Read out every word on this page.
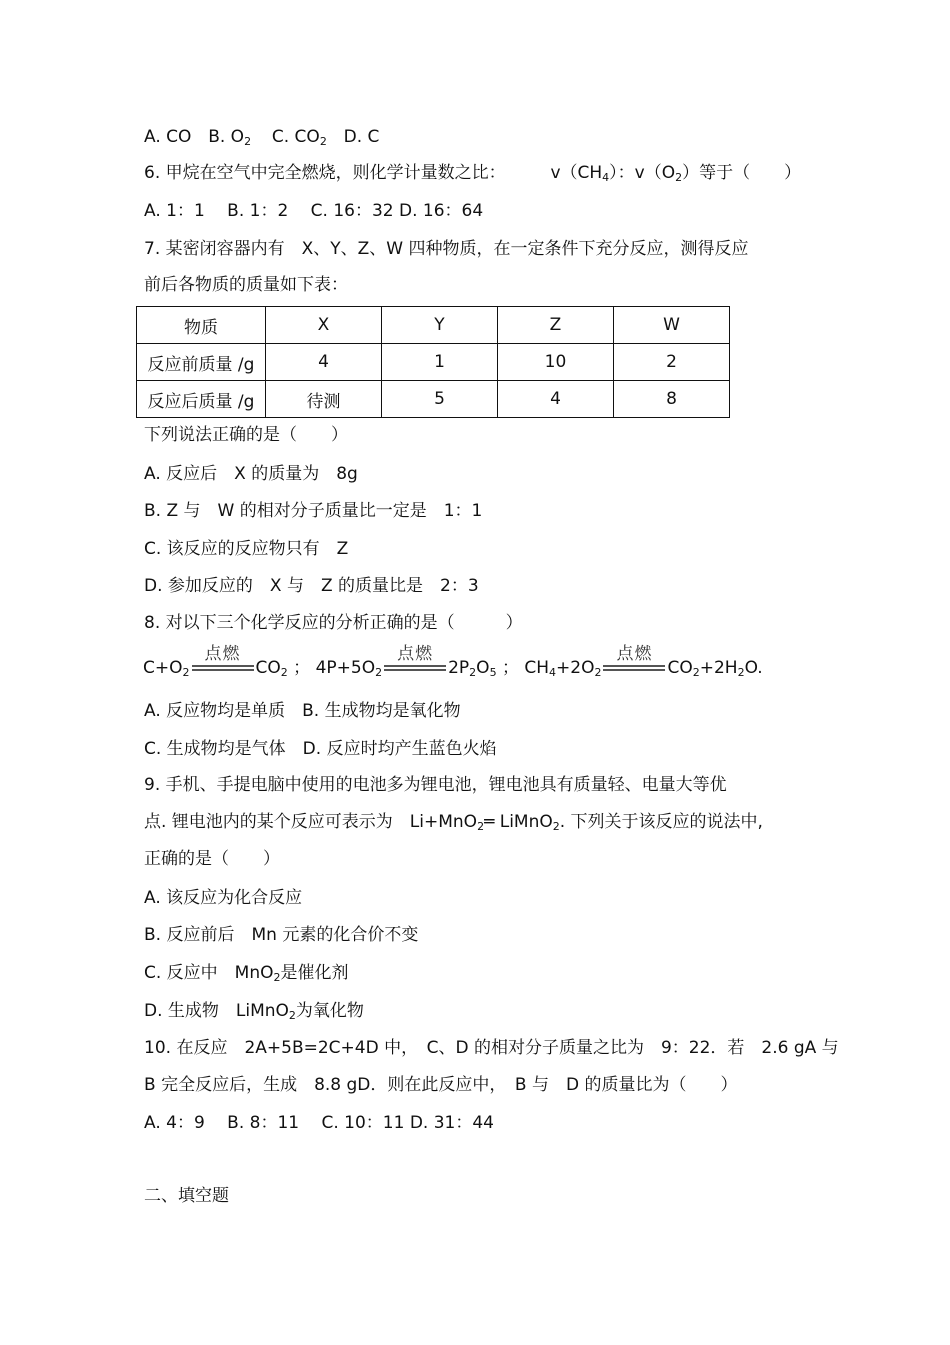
A. CO B. $O_2$ C. $CO_2$ D. C
6. 甲烷在空气中完全燃烧，则化学计量数之比：	$v(CH_4)$：$v(O_2)$等于（　　）
A. 1：1　 B. 1：2　 C. 16：32 D. 16：64
7. 某密闭容器内有　X、Y、Z、W 四种物质，在一定条件下充分反应，测得反应
前后各物质的质量如下表：
物质	X	Y	Z	W
反应前质量 /g	4	1	10	2
反应后质量 /g	待测	5	4	8
下列说法正确的是（　　）
A. 反应后　X 的质量为　8g
B. Z 与　W 的相对分子质量比一定是　1：1
C. 该反应的反应物只有　Z
D. 参加反应的　X 与　Z 的质量比是　2：3
8. 对以下三个化学反应的分析正确的是（　　　）
$C+O_2$
点燃
$CO_2$ ； $4P+5O_2$
点燃
$2P_2O_5$ ； $CH_4+2O_2$
点燃
$CO_2+2H_2O$.
A. 反应物均是单质　B. 生成物均是氧化物
C. 生成物均是气体　D. 反应时均产生蓝色火焰
9. 手机、手提电脑中使用的电池多为锂电池，锂电池具有质量轻、电量大等优
点. 锂电池内的某个反应可表示为　Li+MnO$_2$═ LiMnO$_2$. 下列关于该反应的说法中,
正确的是（　　）
A. 该反应为化合反应
B. 反应前后　Mn 元素的化合价不变
C. 反应中　MnO$_2$是催化剂
D. 生成物　LiMnO$_2$为氧化物
10. 在反应　2A+5B=2C+4D 中，　C、D 的相对分子质量之比为　9：22．若　2.6 gA 与
B 完全反应后，生成　8.8 gD．则在此反应中，　B 与　D 的质量比为（　　）
A. 4：9　 B. 8：11　 C. 10：11 D. 31：44
二、填空题
